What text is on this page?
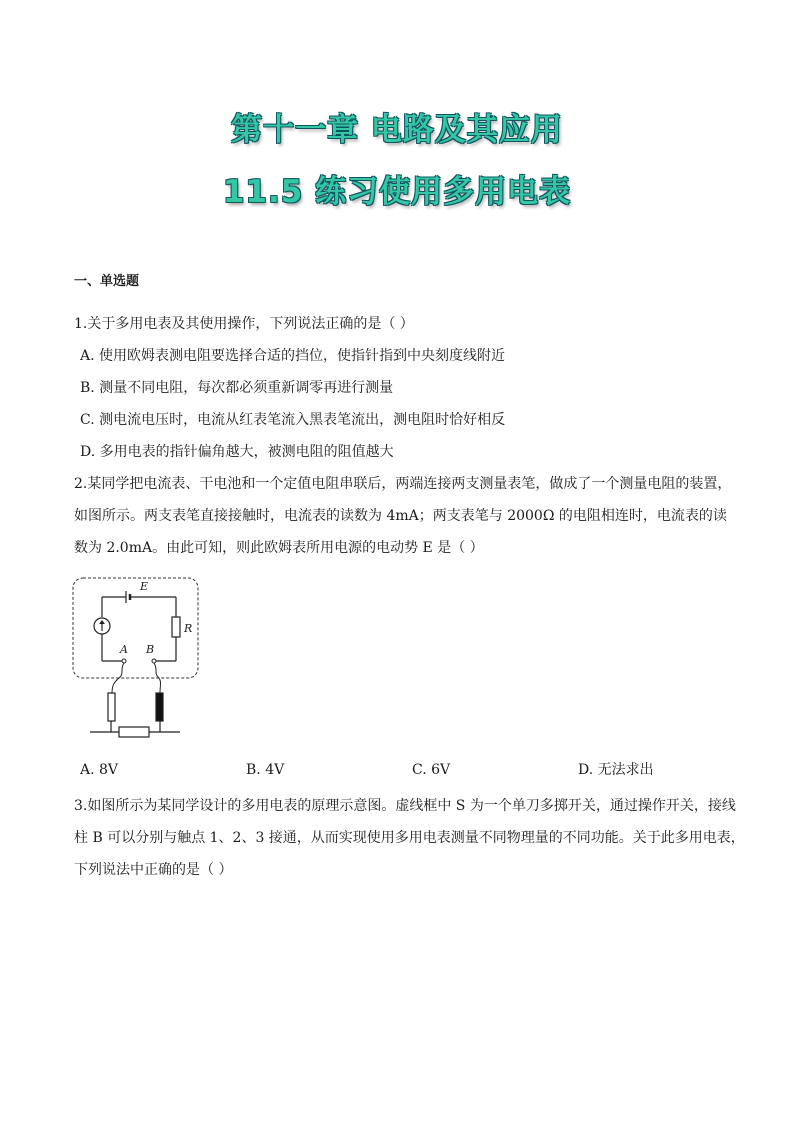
第十一章 电路及其应用
11.5 练习使用多用电表
一、单选题
1.关于多用电表及其使用操作，下列说法正确的是（ ）
A. 使用欧姆表测电阻要选择合适的挡位，使指针指到中央刻度线附近
B. 测量不同电阻，每次都必须重新调零再进行测量
C. 测电流电压时，电流从红表笔流入黑表笔流出，测电阻时恰好相反
D. 多用电表的指针偏角越大，被测电阻的阻值越大
2.某同学把电流表、干电池和一个定值电阻串联后，两端连接两支测量表笔，做成了一个测量电阻的装置，
如图所示。两支表笔直接接触时，电流表的读数为 4mA；两支表笔与 2000Ω 的电阻相连时，电流表的读
数为 2.0mA。由此可知，则此欧姆表所用电源的电动势 E 是（ ）
E
R
A B
A. 8V	B. 4V	C. 6V	D. 无法求出
3.如图所示为某同学设计的多用电表的原理示意图。虚线框中 S 为一个单刀多掷开关，通过操作开关，接线
柱 B 可以分别与触点 1、2、3 接通，从而实现使用多用电表测量不同物理量的不同功能。关于此多用电表，
下列说法中正确的是（ ）
